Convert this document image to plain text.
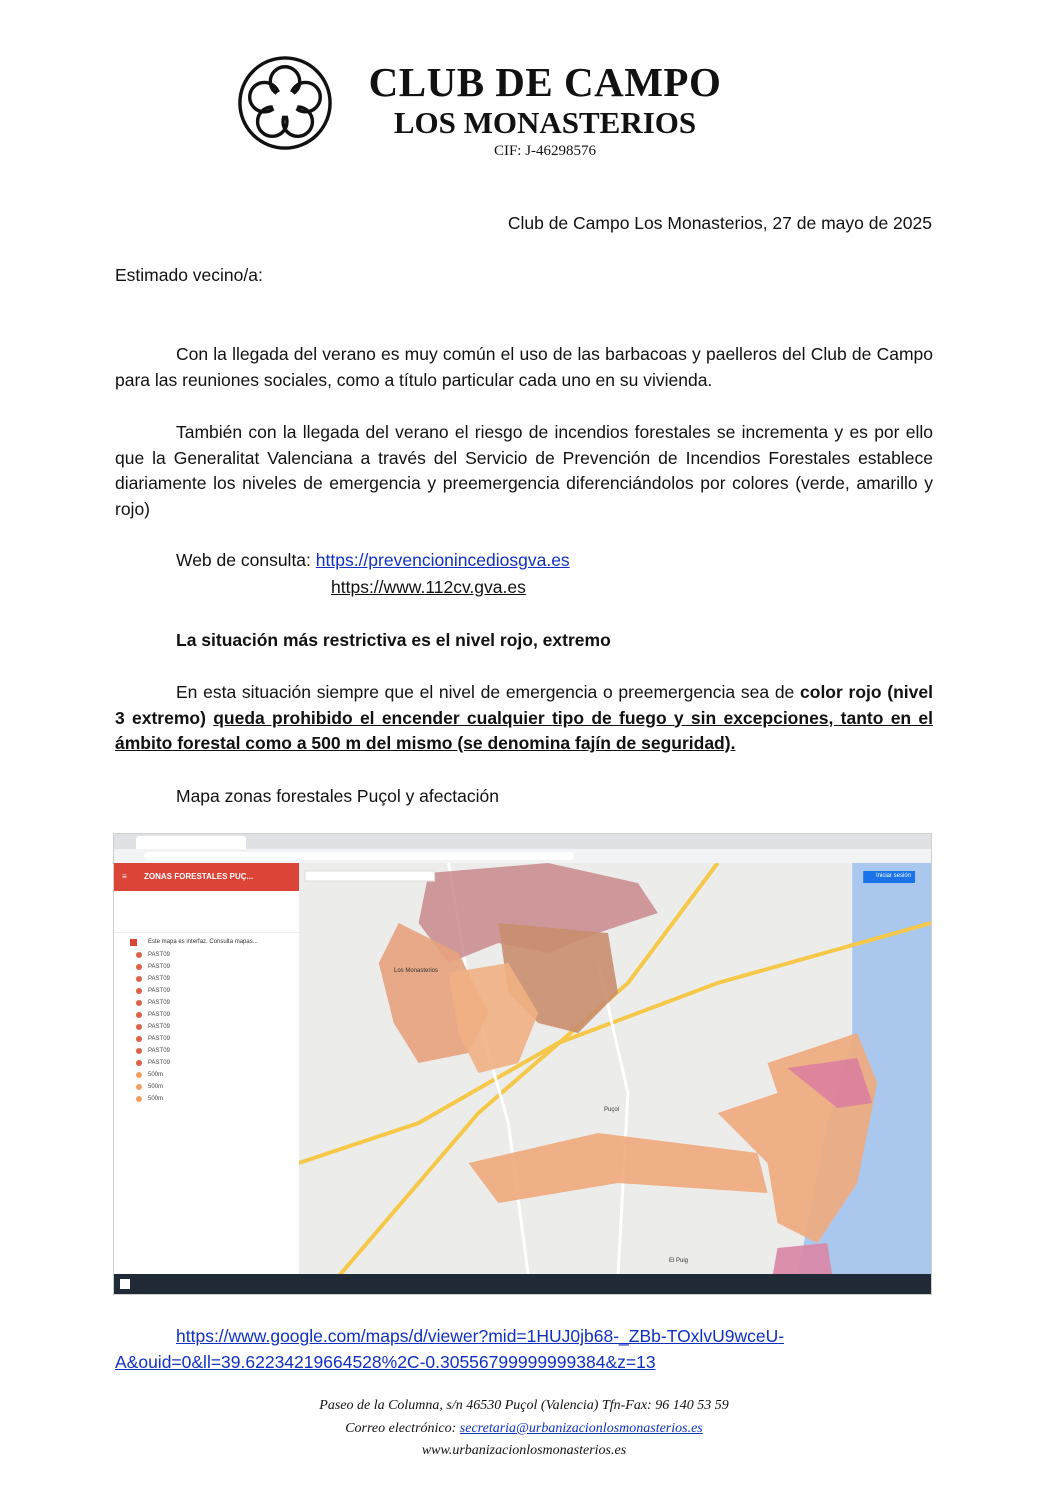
CLUB DE CAMPO
LOS MONASTERIOS
CIF: J-46298576
Club de Campo Los Monasterios, 27 de mayo de 2025
Estimado vecino/a:
Con la llegada del verano es muy común el uso de las barbacoas y paelleros del Club de Campo para las reuniones sociales, como a título particular cada uno en su vivienda.
También con la llegada del verano el riesgo de incendios forestales se incrementa y es por ello que la Generalitat Valenciana a través del Servicio de Prevención de Incendios Forestales establece diariamente los niveles de emergencia y preemergencia diferenciándolos por colores (verde, amarillo y rojo)
Web de consulta: https://prevencionincediosgva.es
https://www.112cv.gva.es
La situación más restrictiva es el nivel rojo, extremo
En esta situación siempre que el nivel de emergencia o preemergencia sea de color rojo (nivel 3 extremo) queda prohibido el encender cualquier tipo de fuego y sin excepciones, tanto en el ámbito forestal como a 500 m del mismo (se denomina fajín de seguridad).
Mapa zonas forestales Puçol y afectación
≡ ZONAS FORESTALES PUÇ...
Este mapa es interfaz. Consulta mapas...
PAST09
PAST09
PAST09
PAST09
PAST09
PAST09
PAST09
PAST09
PAST09
PAST09
500m
500m
500m
Iniciar sesión
Los Monasterios
Puçol
El Puig
https://www.google.com/maps/d/viewer?mid=1HUJ0jb68-_ZBb-TOxlvU9wceU-A&ouid=0&ll=39.62234219664528%2C-0.30556799999999384&z=13
Paseo de la Columna, s/n 46530 Puçol (Valencia) Tfn-Fax: 96 140 53 59
Correo electrónico: secretaria@urbanizacionlosmonasterios.es
www.urbanizacionlosmonasterios.es
